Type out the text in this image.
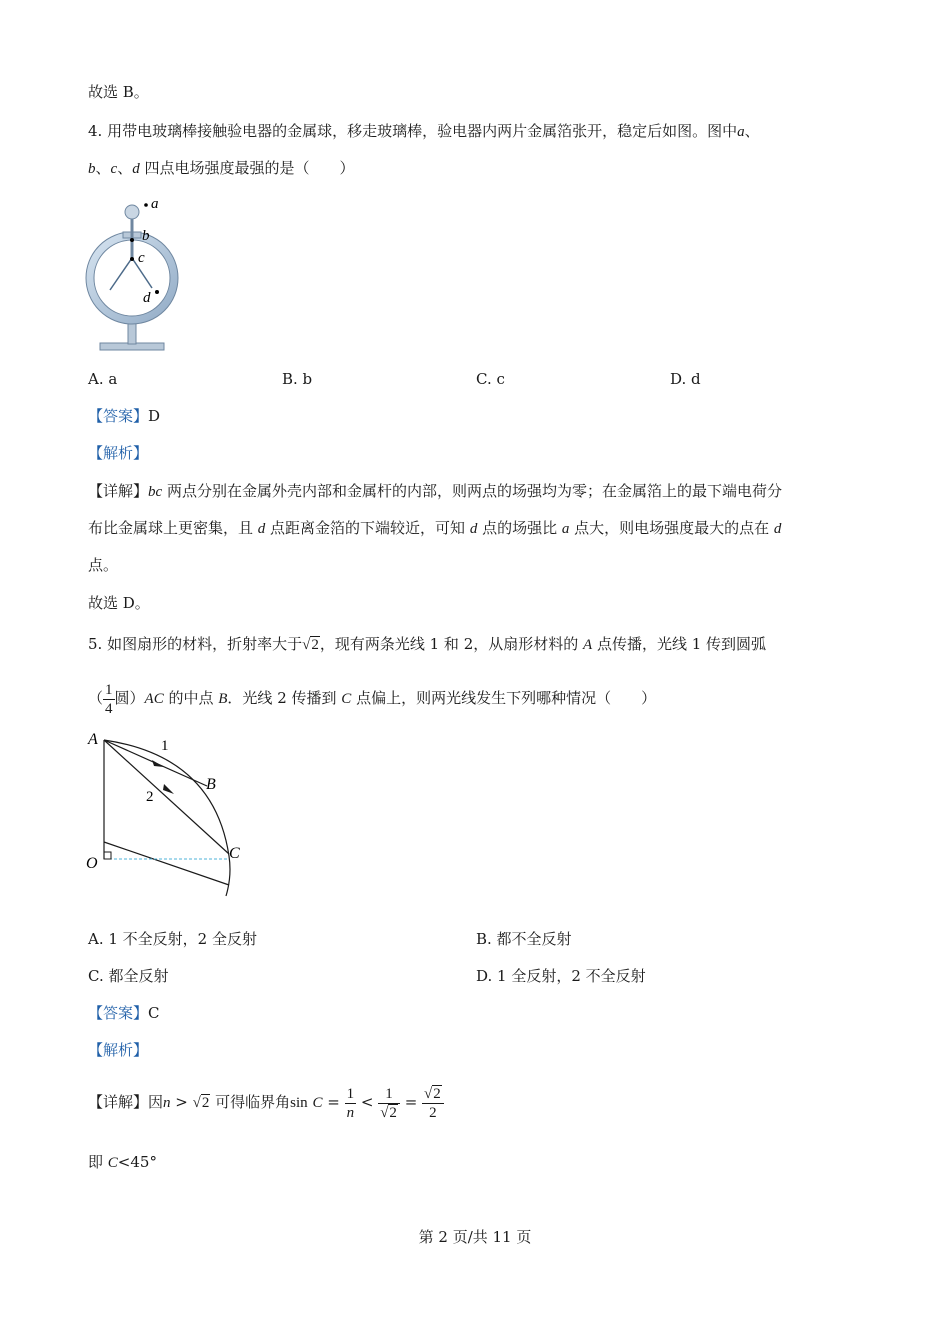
故选 B。
4. 用带电玻璃棒接触验电器的金属球，移走玻璃棒，验电器内两片金属箔张开，稳定后如图。图中a、
b、c、d 四点电场强度最强的是（　　）
a
b
c
d
A. a	B. b	C. c	D. d
【答案】D
【解析】
【详解】bc 两点分别在金属外壳内部和金属杆的内部，则两点的场强均为零；在金属箔上的最下端电荷分
布比金属球上更密集，且 d 点距离金箔的下端较近，可知 d 点的场强比 a 点大，则电场强度最大的点在 d
点。
故选 D。
5. 如图扇形的材料，折射率大于√2，现有两条光线 1 和 2，从扇形材料的 A 点传播，光线 1 传到圆弧
（ $\frac{1}{4}$ 圆）AC 的中点 B．光线 2 传播到 C 点偏上，则两光线发生下列哪种情况（　　）
A
B
C
O
1
2
A. 1 不全反射，2 全反射	B. 都不全反射
C. 都全反射	D. 1 全反射，2 不全反射
【答案】C
【解析】
【详解】因n > √2 可得临界角$\sin C = \frac{1}{n} < \frac{1}{√2} = \frac{√2}{2}$
即 C<45°
第 2 页/共 11 页
